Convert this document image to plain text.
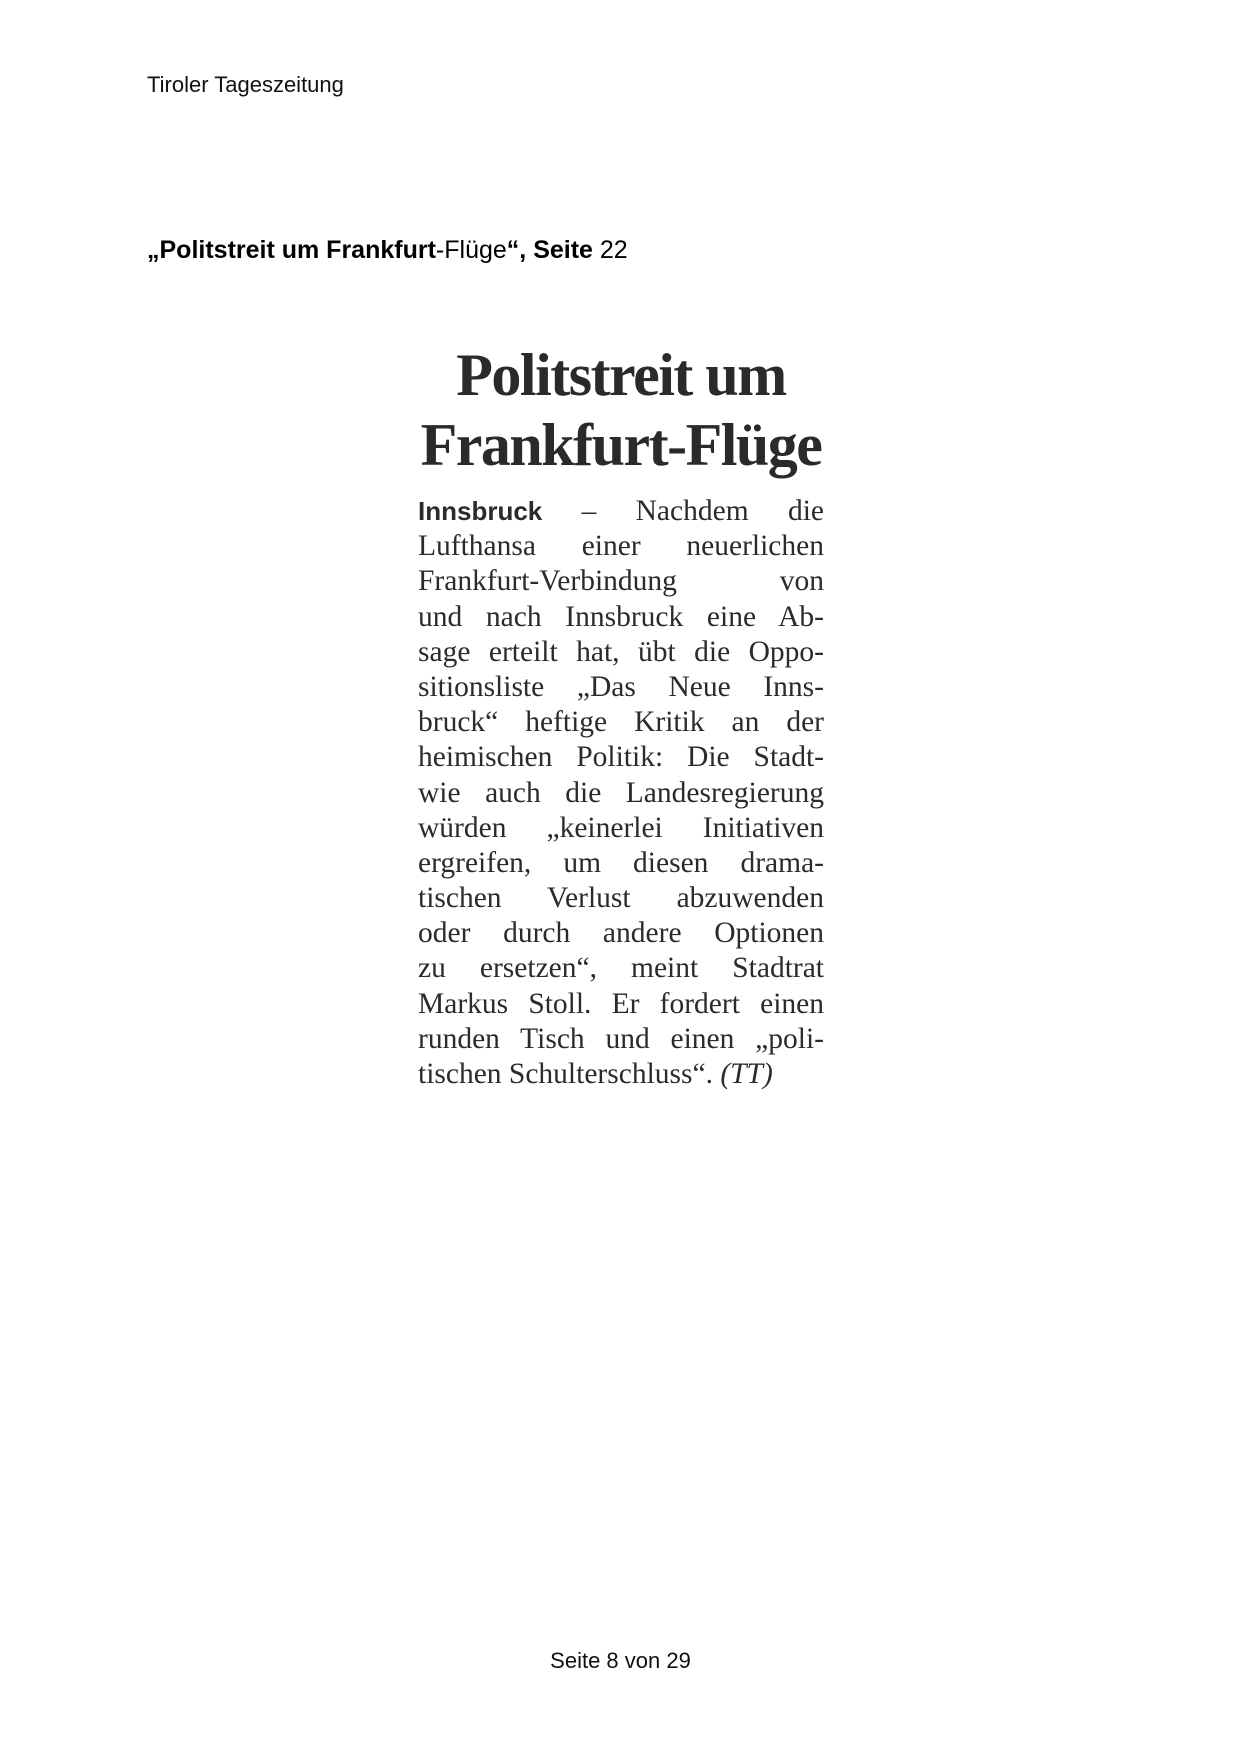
Tiroler Tageszeitung
„Politstreit um Frankfurt-Flüge“, Seite 22
Politstreit um
Frankfurt-Flüge
Innsbruck – Nachdem die
Lufthansa einer neuerlichen
Frankfurt-Verbindung von
und nach Innsbruck eine Ab-
sage erteilt hat, übt die Oppo-
sitionsliste „Das Neue Inns-
bruck“ heftige Kritik an der
heimischen Politik: Die Stadt-
wie auch die Landesregierung
würden „keinerlei Initiativen
ergreifen, um diesen drama-
tischen Verlust abzuwenden
oder durch andere Optionen
zu ersetzen“, meint Stadtrat
Markus Stoll. Er fordert einen
runden Tisch und einen „poli-
tischen Schulterschluss“. (TT)
Seite 8 von 29
